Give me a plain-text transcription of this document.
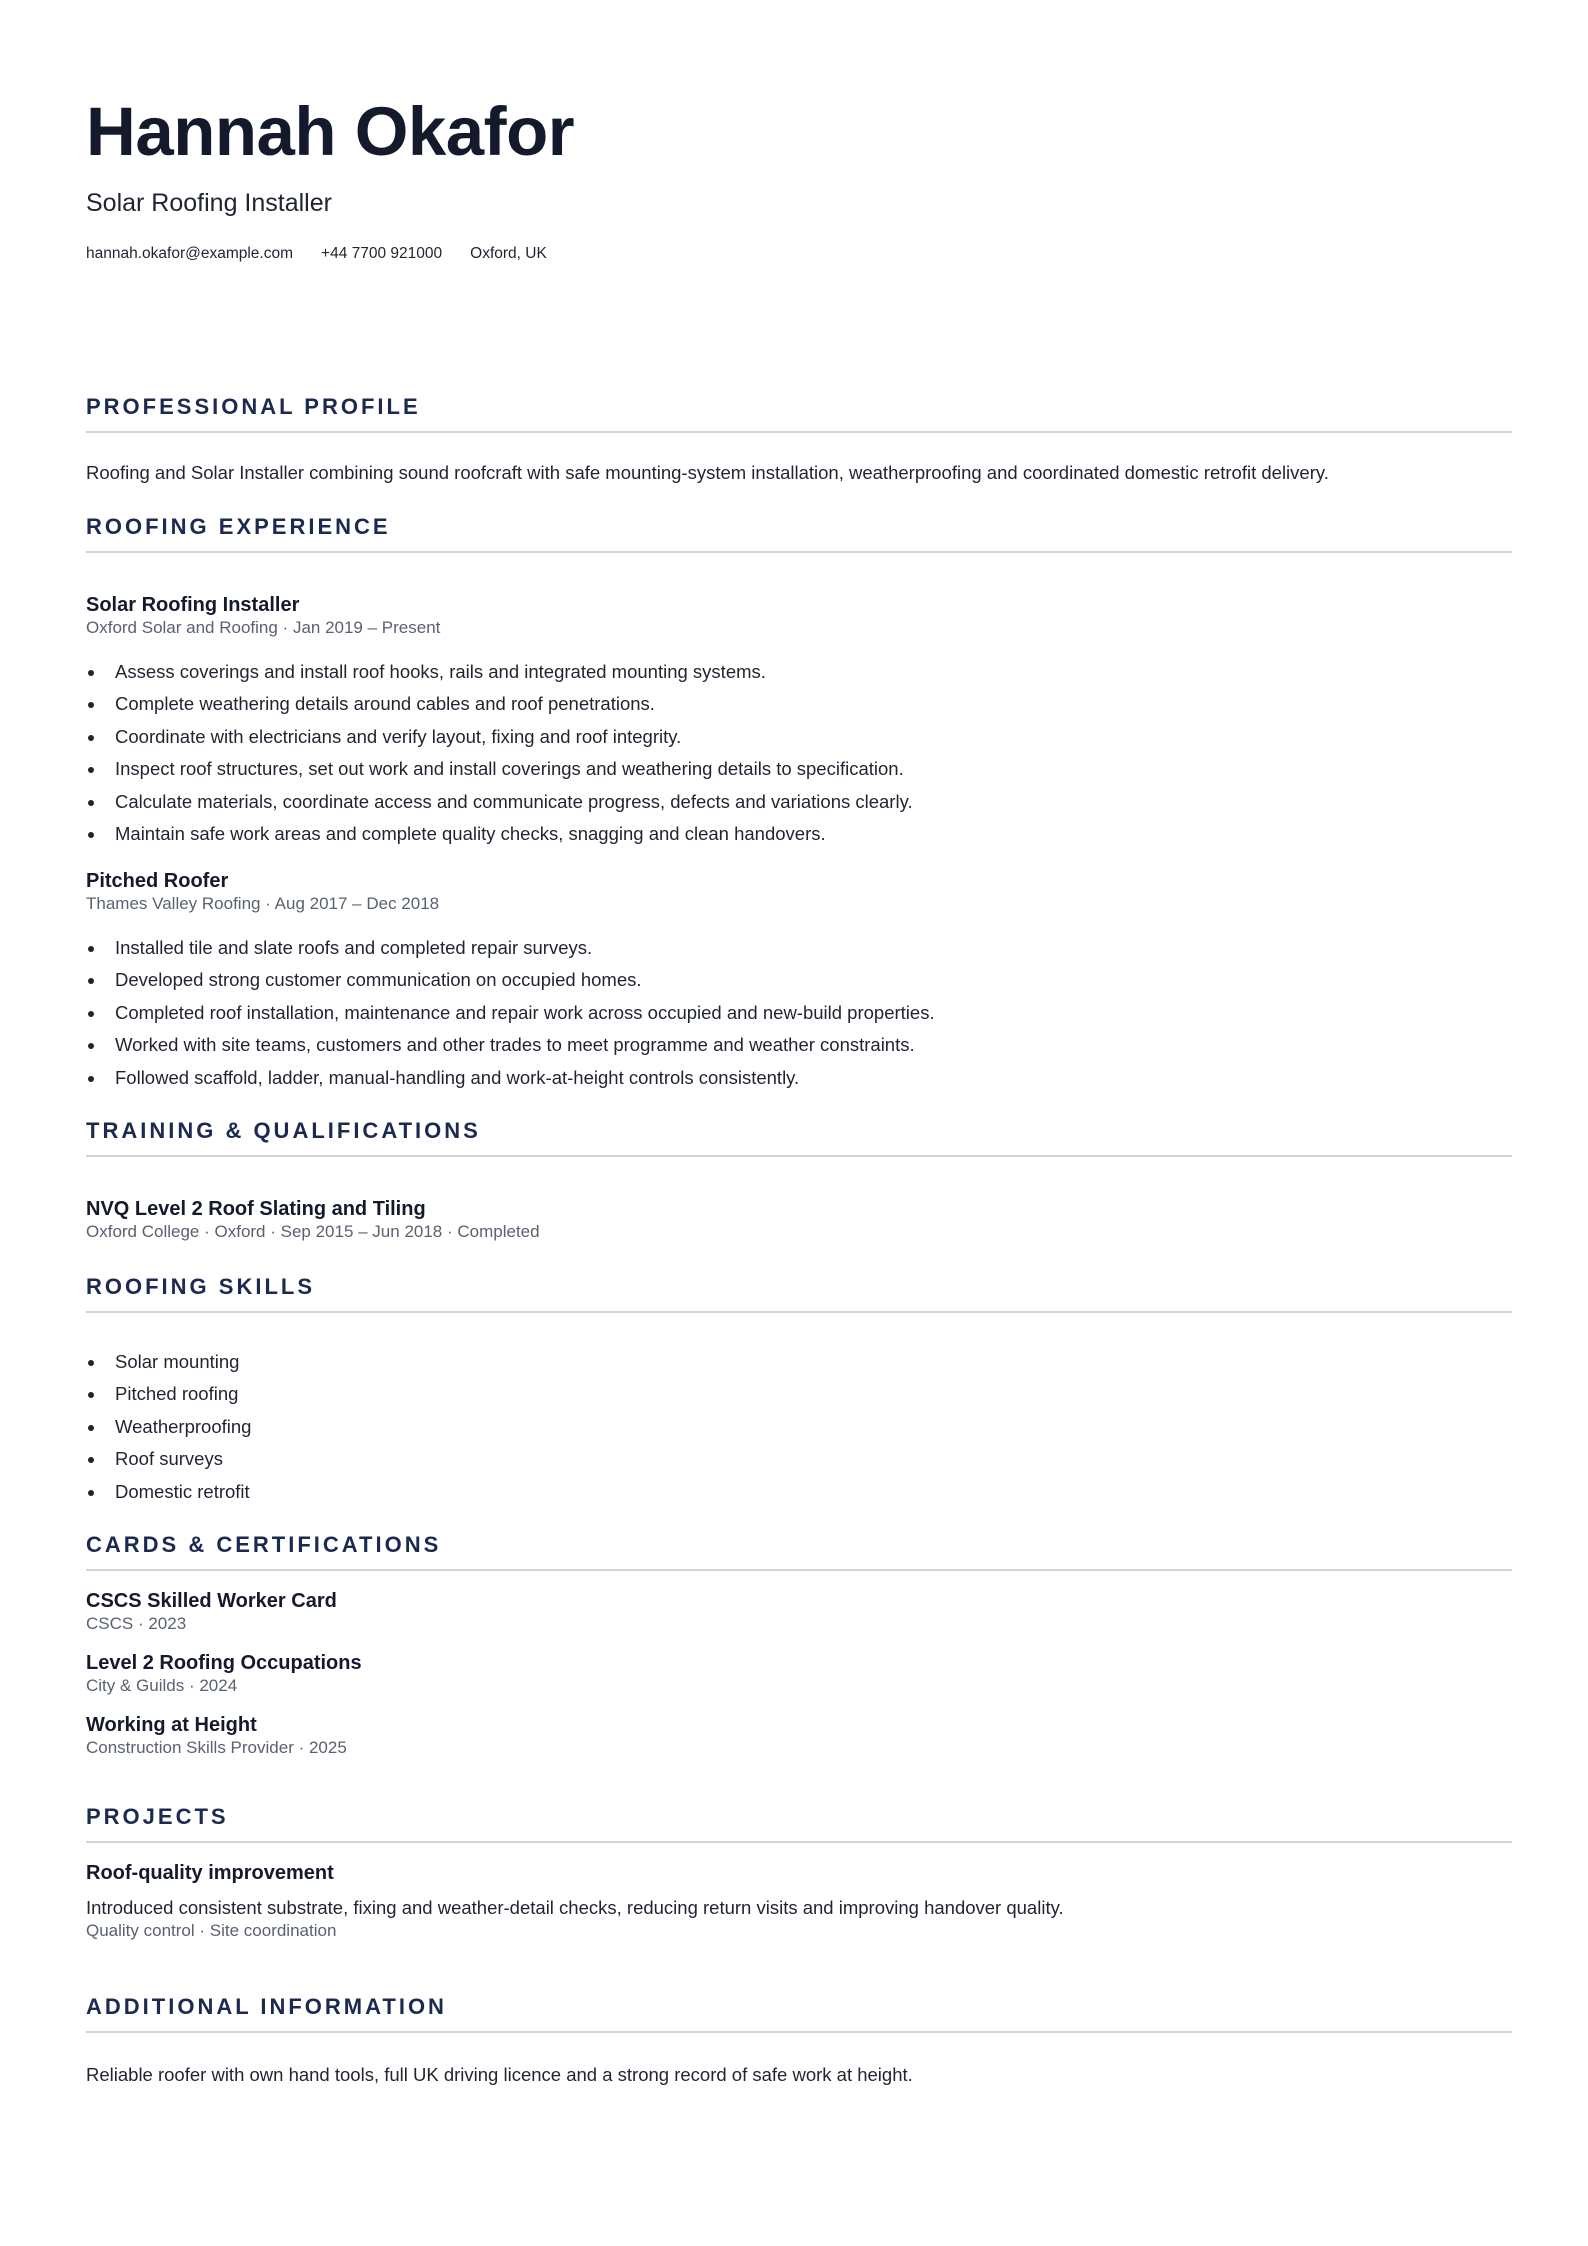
Hannah Okafor
Solar Roofing Installer
hannah.okafor@example.com +44 7700 921000 Oxford, UK
PROFESSIONAL PROFILE
Roofing and Solar Installer combining sound roofcraft with safe mounting-system installation, weatherproofing and coordinated domestic retrofit delivery.
ROOFING EXPERIENCE
Solar Roofing Installer
Oxford Solar and Roofing · Jan 2019 – Present
Assess coverings and install roof hooks, rails and integrated mounting systems.
Complete weathering details around cables and roof penetrations.
Coordinate with electricians and verify layout, fixing and roof integrity.
Inspect roof structures, set out work and install coverings and weathering details to specification.
Calculate materials, coordinate access and communicate progress, defects and variations clearly.
Maintain safe work areas and complete quality checks, snagging and clean handovers.
Pitched Roofer
Thames Valley Roofing · Aug 2017 – Dec 2018
Installed tile and slate roofs and completed repair surveys.
Developed strong customer communication on occupied homes.
Completed roof installation, maintenance and repair work across occupied and new-build properties.
Worked with site teams, customers and other trades to meet programme and weather constraints.
Followed scaffold, ladder, manual-handling and work-at-height controls consistently.
TRAINING & QUALIFICATIONS
NVQ Level 2 Roof Slating and Tiling
Oxford College · Oxford · Sep 2015 – Jun 2018 · Completed
ROOFING SKILLS
Solar mounting
Pitched roofing
Weatherproofing
Roof surveys
Domestic retrofit
CARDS & CERTIFICATIONS
CSCS Skilled Worker Card
CSCS · 2023
Level 2 Roofing Occupations
City & Guilds · 2024
Working at Height
Construction Skills Provider · 2025
PROJECTS
Roof-quality improvement
Introduced consistent substrate, fixing and weather-detail checks, reducing return visits and improving handover quality.
Quality control · Site coordination
ADDITIONAL INFORMATION
Reliable roofer with own hand tools, full UK driving licence and a strong record of safe work at height.
